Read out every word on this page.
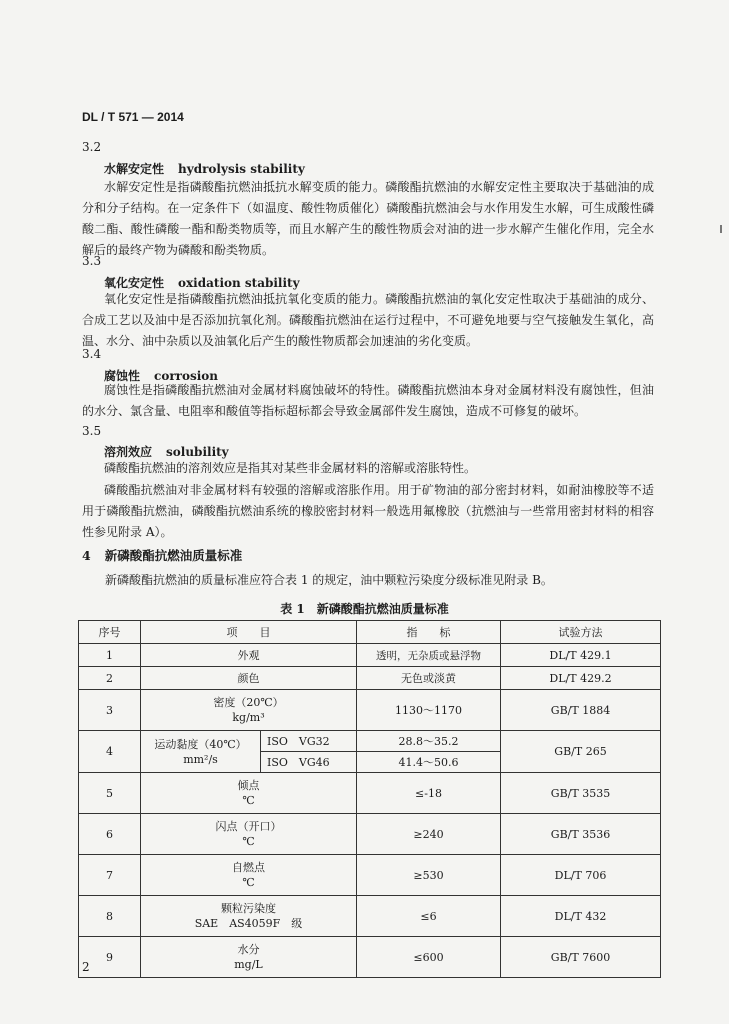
DL / T 571 — 2014
3.2
水解安定性 hydrolysis stability
水解安定性是指磷酸酯抗燃油抵抗水解变质的能力。磷酸酯抗燃油的水解安定性主要取决于基础油的成分和分子结构。在一定条件下（如温度、酸性物质催化）磷酸酯抗燃油会与水作用发生水解，可生成酸性磷酸二酯、酸性磷酸一酯和酚类物质等，而且水解产生的酸性物质会对油的进一步水解产生催化作用，完全水解后的最终产物为磷酸和酚类物质。
3.3
氧化安定性 oxidation stability
氧化安定性是指磷酸酯抗燃油抵抗氧化变质的能力。磷酸酯抗燃油的氧化安定性取决于基础油的成分、合成工艺以及油中是否添加抗氧化剂。磷酸酯抗燃油在运行过程中，不可避免地要与空气接触发生氧化，高温、水分、油中杂质以及油氧化后产生的酸性物质都会加速油的劣化变质。
3.4
腐蚀性 corrosion
腐蚀性是指磷酸酯抗燃油对金属材料腐蚀破坏的特性。磷酸酯抗燃油本身对金属材料没有腐蚀性，但油的水分、氯含量、电阻率和酸值等指标超标都会导致金属部件发生腐蚀，造成不可修复的破坏。
3.5
溶剂效应 solubility
磷酸酯抗燃油的溶剂效应是指其对某些非金属材料的溶解或溶胀特性。
磷酸酯抗燃油对非金属材料有较强的溶解或溶胀作用。用于矿物油的部分密封材料，如耐油橡胶等不适用于磷酸酯抗燃油，磷酸酯抗燃油系统的橡胶密封材料一般选用氟橡胶（抗燃油与一些常用密封材料的相容性参见附录 A）。
4 新磷酸酯抗燃油质量标准
新磷酸酯抗燃油的质量标准应符合表 1 的规定，油中颗粒污染度分级标准见附录 B。
表 1　新磷酸酯抗燃油质量标准
序号	项　　目		指　　标	试验方法
1	外观		透明，无杂质或悬浮物	DL/T 429.1
2	颜色		无色或淡黄	DL/T 429.2
3	密度（20℃）
kg/m³		1130～1170	GB/T 1884
4	运动黏度（40℃）
mm²/s	ISO　VG32	28.8～35.2	GB/T 265
		ISO　VG46	41.4～50.6	
5	倾点
℃		≤-18	GB/T 3535
6	闪点（开口）
℃		≥240	GB/T 3536
7	自燃点
℃		≥530	DL/T 706
8	颗粒污染度
SAE　AS4059F　级		≤6	DL/T 432
9	水分
mg/L		≤600	GB/T 7600
2
